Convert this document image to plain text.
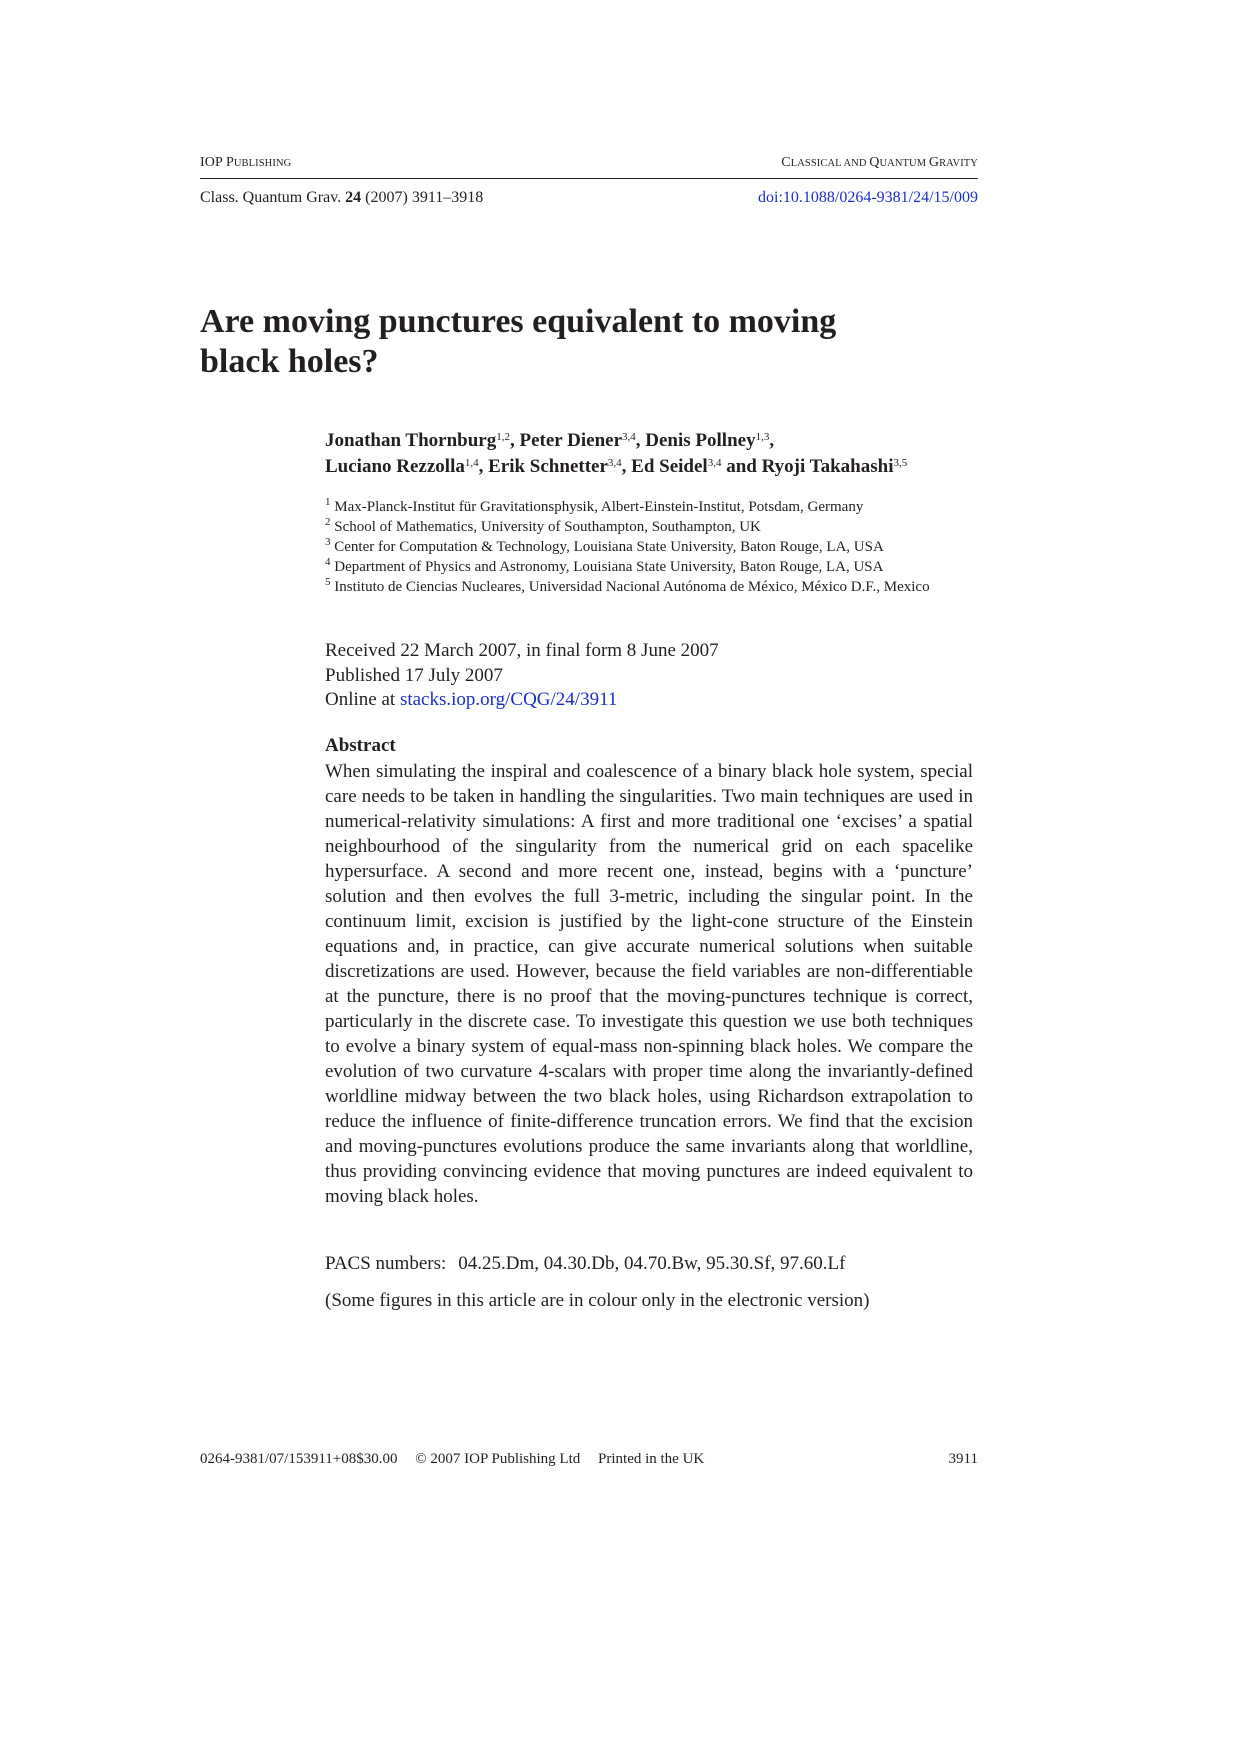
IOP PUBLISHING	CLASSICAL AND QUANTUM GRAVITY
Class. Quantum Grav. 24 (2007) 3911–3918	doi:10.1088/0264-9381/24/15/009
Are moving punctures equivalent to moving
black holes?
Jonathan Thornburg$^{1,2}$, Peter Diener$^{3,4}$, Denis Pollney$^{1,3}$,
Luciano Rezzolla$^{1,4}$, Erik Schnetter$^{3,4}$, Ed Seidel$^{3,4}$ and Ryoji Takahashi$^{3,5}$
$^1$ Max-Planck-Institut für Gravitationsphysik, Albert-Einstein-Institut, Potsdam, Germany
$^2$ School of Mathematics, University of Southampton, Southampton, UK
$^3$ Center for Computation & Technology, Louisiana State University, Baton Rouge, LA, USA
$^4$ Department of Physics and Astronomy, Louisiana State University, Baton Rouge, LA, USA
$^5$ Instituto de Ciencias Nucleares, Universidad Nacional Autónoma de México, México D.F., Mexico
Received 22 March 2007, in final form 8 June 2007
Published 17 July 2007
Online at stacks.iop.org/CQG/24/3911
Abstract
When simulating the inspiral and coalescence of a binary black hole system, special care needs to be taken in handling the singularities. Two main techniques are used in numerical-relativity simulations: A first and more traditional one ‘excises’ a spatial neighbourhood of the singularity from the numerical grid on each spacelike hypersurface. A second and more recent one, instead, begins with a ‘puncture’ solution and then evolves the full 3-metric, including the singular point. In the continuum limit, excision is justified by the light-cone structure of the Einstein equations and, in practice, can give accurate numerical solutions when suitable discretizations are used. However, because the field variables are non-differentiable at the puncture, there is no proof that the moving-punctures technique is correct, particularly in the discrete case. To investigate this question we use both techniques to evolve a binary system of equal-mass non-spinning black holes. We compare the evolution of two curvature 4-scalars with proper time along the invariantly-defined worldline midway between the two black holes, using Richardson extrapolation to reduce the influence of finite-difference truncation errors. We find that the excision and moving-punctures evolutions produce the same invariants along that worldline, thus providing convincing evidence that moving punctures are indeed equivalent to moving black holes.
PACS numbers: 04.25.Dm, 04.30.Db, 04.70.Bw, 95.30.Sf, 97.60.Lf
(Some figures in this article are in colour only in the electronic version)
0264-9381/07/153911+08$30.00 © 2007 IOP Publishing Ltd Printed in the UK	3911
